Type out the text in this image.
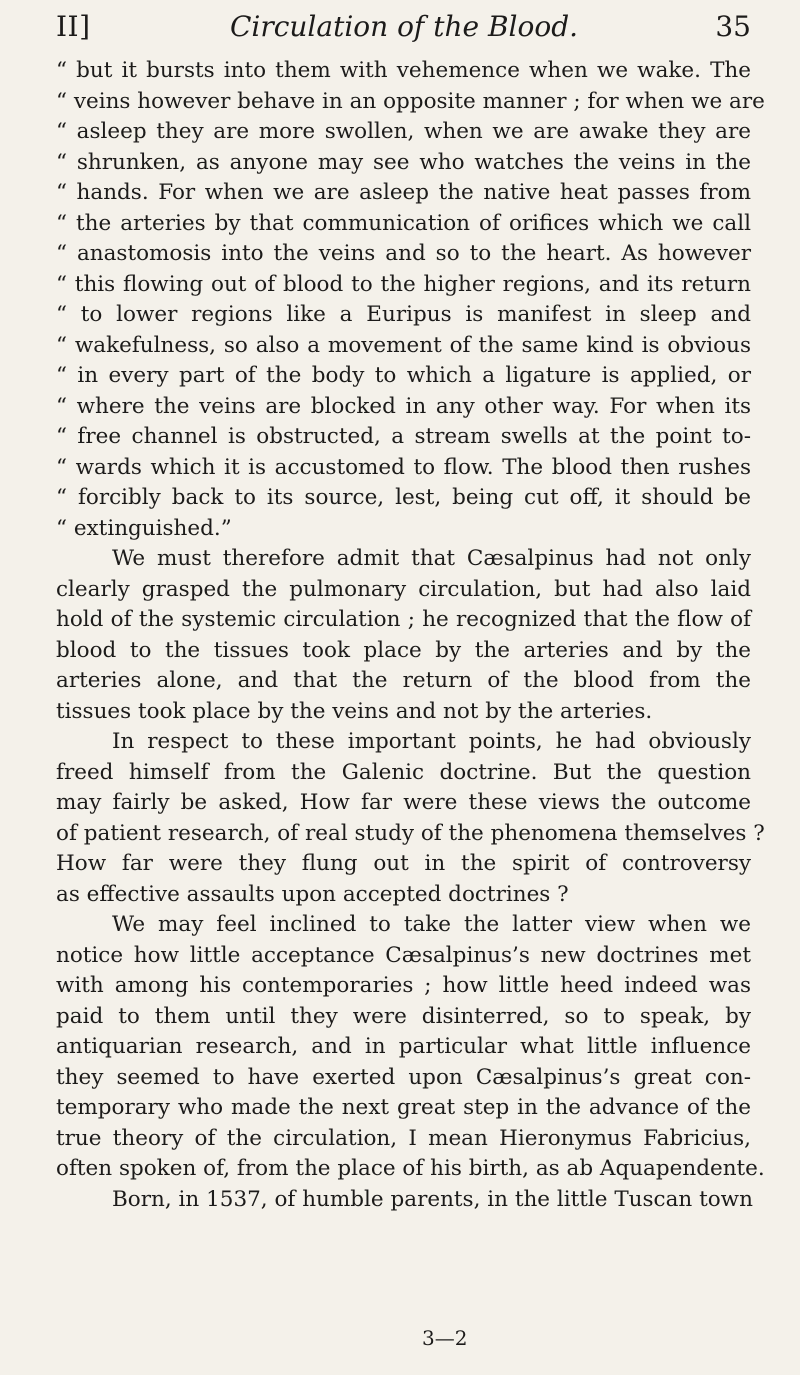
II]	Circulation of the Blood.	35
“ but it bursts into them with vehemence when we wake. The
“ veins however behave in an opposite manner ; for when we are
“ asleep they are more swollen, when we are awake they are
“ shrunken, as anyone may see who watches the veins in the
“ hands. For when we are asleep the native heat passes from
“ the arteries by that communication of orifices which we call
“ anastomosis into the veins and so to the heart. As however
“ this flowing out of blood to the higher regions, and its return
“ to lower regions like a Euripus is manifest in sleep and
“ wakefulness, so also a movement of the same kind is obvious
“ in every part of the body to which a ligature is applied, or
“ where the veins are blocked in any other way. For when its
“ free channel is obstructed, a stream swells at the point to-
“ wards which it is accustomed to flow. The blood then rushes
“ forcibly back to its source, lest, being cut off, it should be
“ extinguished.”
We must therefore admit that Cæsalpinus had not only
clearly grasped the pulmonary circulation, but had also laid
hold of the systemic circulation ; he recognized that the flow of
blood to the tissues took place by the arteries and by the
arteries alone, and that the return of the blood from the
tissues took place by the veins and not by the arteries.
In respect to these important points, he had obviously
freed himself from the Galenic doctrine. But the question
may fairly be asked, How far were these views the outcome
of patient research, of real study of the phenomena themselves ?
How far were they flung out in the spirit of controversy
as effective assaults upon accepted doctrines ?
We may feel inclined to take the latter view when we
notice how little acceptance Cæsalpinus’s new doctrines met
with among his contemporaries ; how little heed indeed was
paid to them until they were disinterred, so to speak, by
antiquarian research, and in particular what little influence
they seemed to have exerted upon Cæsalpinus’s great con-
temporary who made the next great step in the advance of the
true theory of the circulation, I mean Hieronymus Fabricius,
often spoken of, from the place of his birth, as ab Aquapendente.
Born, in 1537, of humble parents, in the little Tuscan town
3—2
